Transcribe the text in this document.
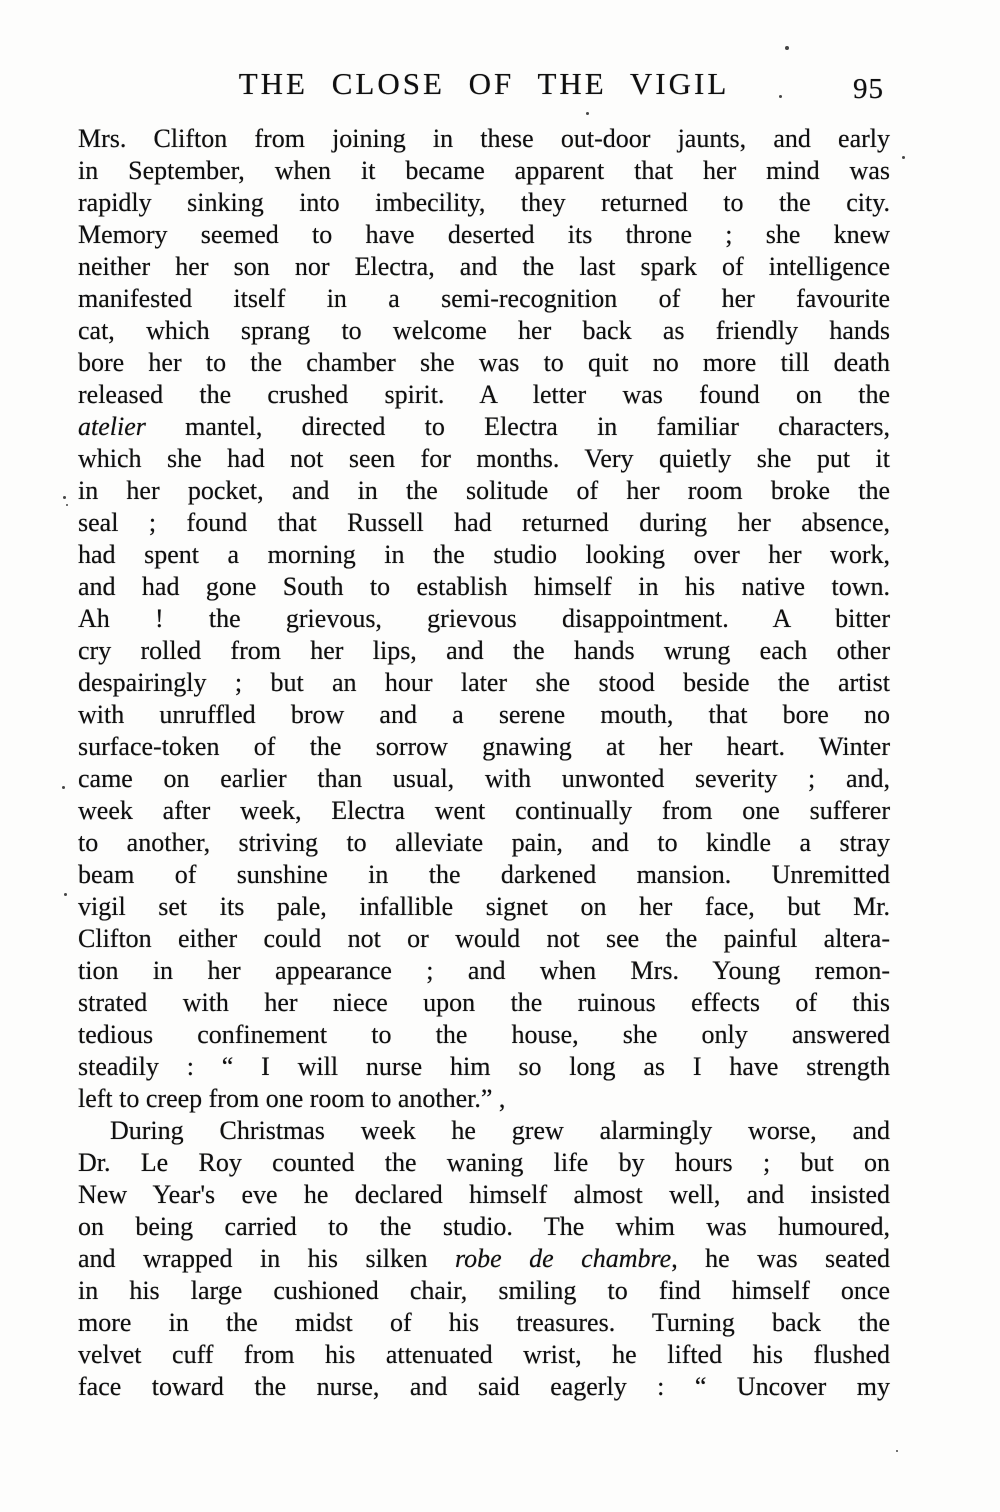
THE CLOSE OF THE VIGIL	95
Mrs. Clifton from joining in these out-door jaunts, and early
in September, when it became apparent that her mind was
rapidly sinking into imbecility, they returned to the city.
Memory seemed to have deserted its throne ; she knew
neither her son nor Electra, and the last spark of intelligence
manifested itself in a semi-recognition of her favourite
cat, which sprang to welcome her back as friendly hands
bore her to the chamber she was to quit no more till death
released the crushed spirit. A letter was found on the
atelier mantel, directed to Electra in familiar characters,
which she had not seen for months. Very quietly she put it
in her pocket, and in the solitude of her room broke the
seal ; found that Russell had returned during her absence,
had spent a morning in the studio looking over her work,
and had gone South to establish himself in his native town.
Ah ! the grievous, grievous disappointment. A bitter
cry rolled from her lips, and the hands wrung each other
despairingly ; but an hour later she stood beside the artist
with unruffled brow and a serene mouth, that bore no
surface-token of the sorrow gnawing at her heart. Winter
came on earlier than usual, with unwonted severity ; and,
week after week, Electra went continually from one sufferer
to another, striving to alleviate pain, and to kindle a stray
beam of sunshine in the darkened mansion. Unremitted
vigil set its pale, infallible signet on her face, but Mr.
Clifton either could not or would not see the painful altera-
tion in her appearance ; and when Mrs. Young remon-
strated with her niece upon the ruinous effects of this
tedious confinement to the house, she only answered
steadily : “ I will nurse him so long as I have strength
left to creep from one room to another.” ,
During Christmas week he grew alarmingly worse, and
Dr. Le Roy counted the waning life by hours ; but on
New Year's eve he declared himself almost well, and insisted
on being carried to the studio. The whim was humoured,
and wrapped in his silken robe de chambre, he was seated
in his large cushioned chair, smiling to find himself once
more in the midst of his treasures. Turning back the
velvet cuff from his attenuated wrist, he lifted his flushed
face toward the nurse, and said eagerly : “ Uncover my
